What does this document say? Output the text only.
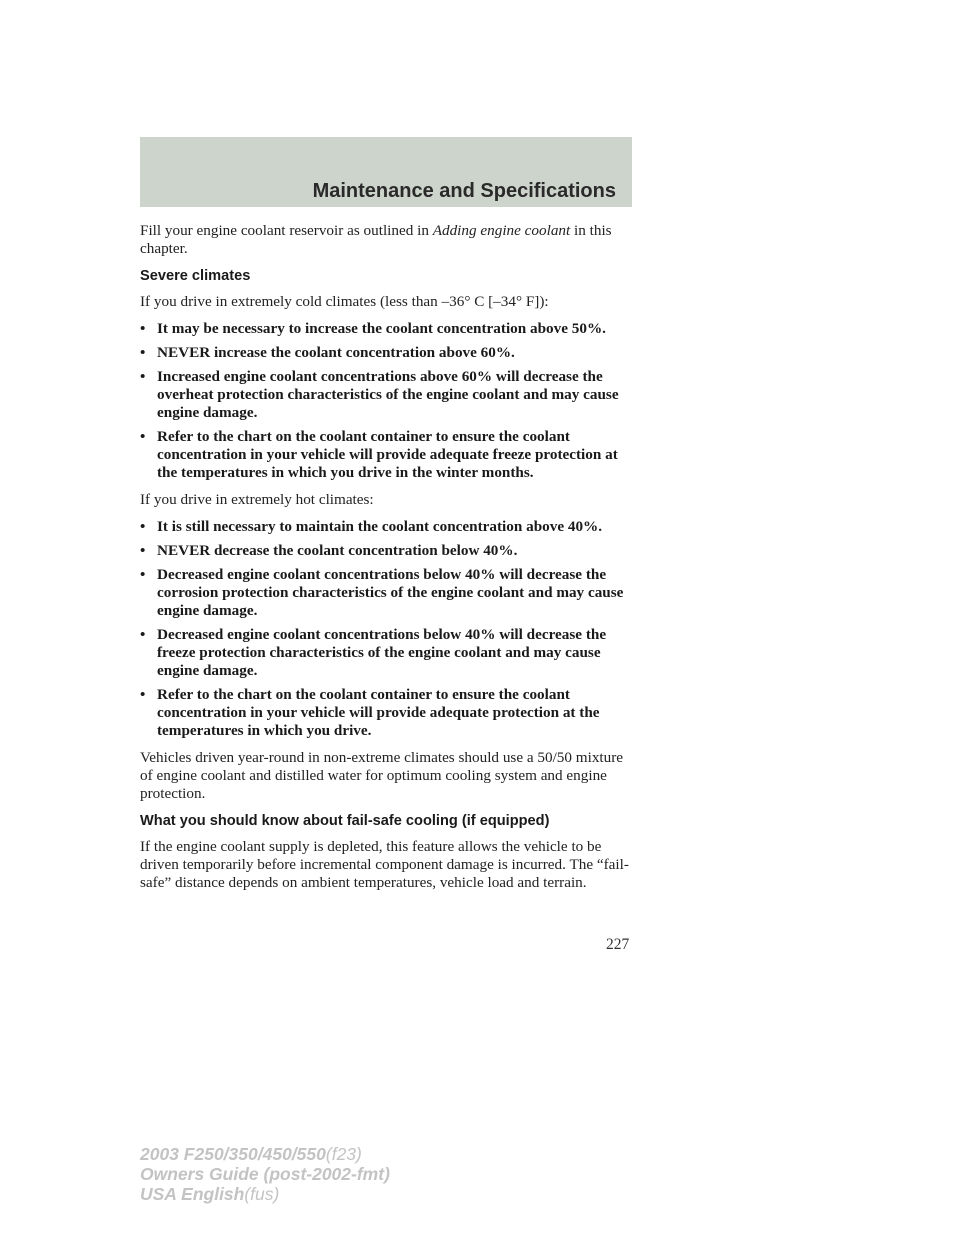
Maintenance and Specifications

Fill your engine coolant reservoir as outlined in Adding engine coolant in this chapter.

Severe climates

If you drive in extremely cold climates (less than –36° C [–34° F]):

• It may be necessary to increase the coolant concentration above 50%.
• NEVER increase the coolant concentration above 60%.
• Increased engine coolant concentrations above 60% will decrease the overheat protection characteristics of the engine coolant and may cause engine damage.
• Refer to the chart on the coolant container to ensure the coolant concentration in your vehicle will provide adequate freeze protection at the temperatures in which you drive in the winter months.

If you drive in extremely hot climates:

• It is still necessary to maintain the coolant concentration above 40%.
• NEVER decrease the coolant concentration below 40%.
• Decreased engine coolant concentrations below 40% will decrease the corrosion protection characteristics of the engine coolant and may cause engine damage.
• Decreased engine coolant concentrations below 40% will decrease the freeze protection characteristics of the engine coolant and may cause engine damage.
• Refer to the chart on the coolant container to ensure the coolant concentration in your vehicle will provide adequate protection at the temperatures in which you drive.

Vehicles driven year-round in non-extreme climates should use a 50/50 mixture of engine coolant and distilled water for optimum cooling system and engine protection.

What you should know about fail-safe cooling (if equipped)

If the engine coolant supply is depleted, this feature allows the vehicle to be driven temporarily before incremental component damage is incurred. The “fail-safe” distance depends on ambient temperatures, vehicle load and terrain.

227
2003 F250/350/450/550(f23)
Owners Guide (post-2002-fmt)
USA English(fus)
